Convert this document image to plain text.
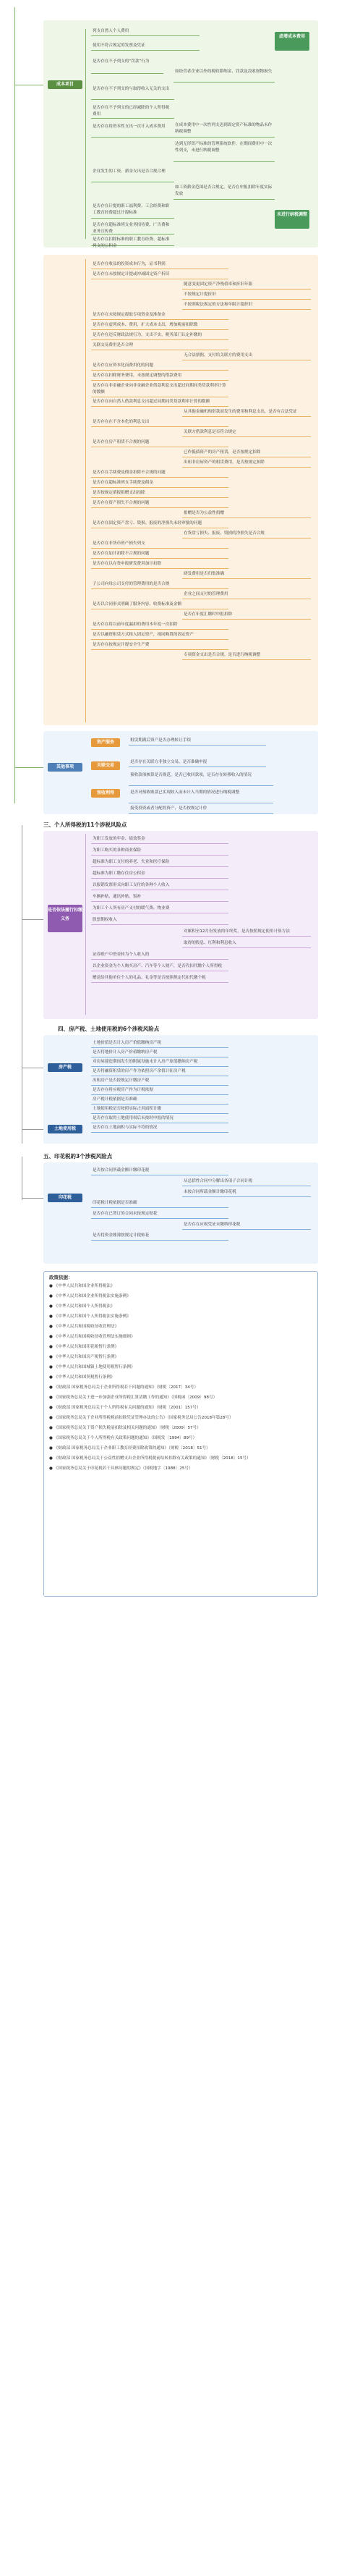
成本项目
列支自然人个人费用
使用不符合规定的发票及凭证
虚增成本费用
是否存在不予列支的“罚款”行为
如经营者企业以外的税收滞纳金、罚款及没收财物损失
是否存在不予列支的与取得收入无关的支出
是否存在不予列支的已经减除的个人所得税费用
是否存在将资本性支出一次计入成本费用	在成本费用中一次性列支达到固定资产标准的物品未作纳税调整
达到无形资产标准的管理系统软件，在期间费用中一次性列支，未进行纳税调整
企业发生的工资、薪金支出是否合规合理
如工资薪金范围是否合规定，是否在申报扣除年度实际发放
是否存在计提的职工福利费、工会经费和职工教育经费超过计提标准
是否存在超标准列支业务招待费、广告费和业务宣传费
是否存在扣除标准的职工教育经费、超标准列支的公积金
未进行纳税调整
是否存在收益的投资成本行为，证书利润
是否存在未按规定计提或冲减固定资产折旧
随意变更固定资产净残值率和折旧年限
不按规定计提折旧
不按照税法规定的方法和年限计提折旧
是否存在未按规定提取专项资金及准备金
是否存在虚列成本、费用，扩大成本支出，增加税前扣除数
是否存在违反财政法规行为，支出不实，税务部门认定补缴的
关联交易费用是否合理
无合法票据，支付给关联方的费用支出
是否存在应资本化而费用化的问题
是否存在扣除财务费用，未按规定调整的借款费用
是否存在非金融企业向非金融企业借款利息支出超过同期同类贷款利率计算的数额
是否存在向自然人借款利息支出超过同期同类贷款利率计算的数额
从其他金融机构借款而发生的费用和利息支出，是否有合法凭证
是否存在在不含本化的利息支出
关联方借款利息是否符合规定
是否存在房产租赁不合规的问题
已作抵债资产的房产租赁，是否按规定扣除
出租非房屋资产的租赁费用，是否按规定扣除
是否存在手续费及佣金扣除不合规的问题
是否存在超标准列支手续费及佣金
是否按规定填报捐赠支出扣除
是否存在资产损失不合规的问题
捐赠是否为公益性捐赠
是否存在固定资产盘亏、毁损、报废的净损失未经审批的问题
存货盘亏损失、报废、毁损的净损失是否合规
是否存在非货币资产损失列支
是否存在加计扣除不合规的问题
是否存在以存货申报研发费用加计扣除
研发费用是否归集准确
子公司向母公司支付的管理费用的是否合规
企业之间支付的管理费用
是否以合同形式明确了服务内容、收费标准及金额
是否在年度汇缴时申报扣除
是否存在将以前年度漏扣的费用本年度一次扣除
是否以融资租赁方式租入固定资产，视同购置的固定资产
是否存在按规定计提安全生产费
专项资金支出是否合规，是否进行纳税调整
其他事项
资产服务
关联交易
预收利得
租赁期满后资产是否办理转让手续
是否存在关联方非独立交易，是否准确申报
预收款项核算是否规范，是否已收回款项，是否存在转移收入的情况
是否对预收账款已实现收入而未计入当期的情况进行纳税调整
接受投资或者分配的资产，是否按规定计价
三、个人所得税的11个涉税风险点
是否依法履行扣缴义务
为职工发放的年金、绩效奖金
为职工购买的各种商业保险
超标准为职工支付的养老、失业和医疗保险
超标准为职工缴存住房公积金
以报销发票形式向职工支付的各种个人收入
车辆补贴、通讯补贴、饭补
为职工个人所有房产支付的暖气费、物业费
股票期权收入
对累积至12月份发放的年终奖，是否按照规定使用计算方法
取得的股息、红利和利息收入
证券账户中资金转为个人收入的
以企业资金为个人购买房产、汽车等个人财产，是否代扣代缴个人所得税
赠送给其他单位个人的礼品、礼金等是否按照规定代扣代缴个税
四、房产税、土地使用税的6个涉税风险点
房产税
土地使用税
土地价值是否计入房产价值缴纳房产税
是否将地价计入房产价值缴纳房产税
对房屋建造期间发生的附属设施未计入房产原值缴纳房产税
是否将融资租赁的房产作为依照房产余值计征房产税
出租房产是否按规定计缴房产税
是否存在将应税房产作为计税依据
房产税计税依据是否准确
土地使用税是否按照实际占用面积计缴
是否存在取得土地使用权后未按时申报的情况
是否存在土地面积与实际不符的情况
五、印花税的3个涉税风险点
印花税
是否按合同所载金额计缴印花税
从总括性合同中分解出各项子合同计税
未按合同所载金额计缴印花税
印花税计税依据是否准确
是否存在已签订的合同未按规定贴花
是否存在应税凭证未缴纳印花税
是否将资金账簿按规定计税贴花
政策依据：
● 《中华人民共和国企业所得税法》
● 《中华人民共和国企业所得税法实施条例》
● 《中华人民共和国个人所得税法》
● 《中华人民共和国个人所得税法实施条例》
● 《中华人民共和国税收征收管理法》
● 《中华人民共和国税收征收管理法实施细则》
● 《中华人民共和国印花税暂行条例》
● 《中华人民共和国房产税暂行条例》
● 《中华人民共和国城镇土地使用税暂行条例》
● 《中华人民共和国契税暂行条例》
● 《财政部 国家税务总局关于企业所得税若干问题的通知》（财税〔2017〕34号）
● 《国家税务总局关于进一步加强企业所得税汇算清缴工作的通知》（国税函〔2009〕98号）
● 《财政部 国家税务总局关于个人所得税有关问题的通知》（财税〔2001〕157号）
● 《国家税务总局关于企业所得税税前扣除凭证管理办法的公告》（国家税务总局公告2018年第28号）
● 《国家税务总局关于资产损失税前扣除及相关问题的通知》（财税〔2009〕57号）
● 《国家税务总局关于个人所得税有关政策问题的通知》（国税发〔1994〕89号）
● 《财政部 国家税务总局关于企业职工教育经费扣除政策的通知》（财税〔2018〕51号）
● 《财政部 国家税务总局关于公益性捐赠支出企业所得税税前结转扣除有关政策的通知》（财税〔2018〕15号）
● 《国家税务总局关于印花税若干具体问题的规定》（国税地字〔1988〕25号）
